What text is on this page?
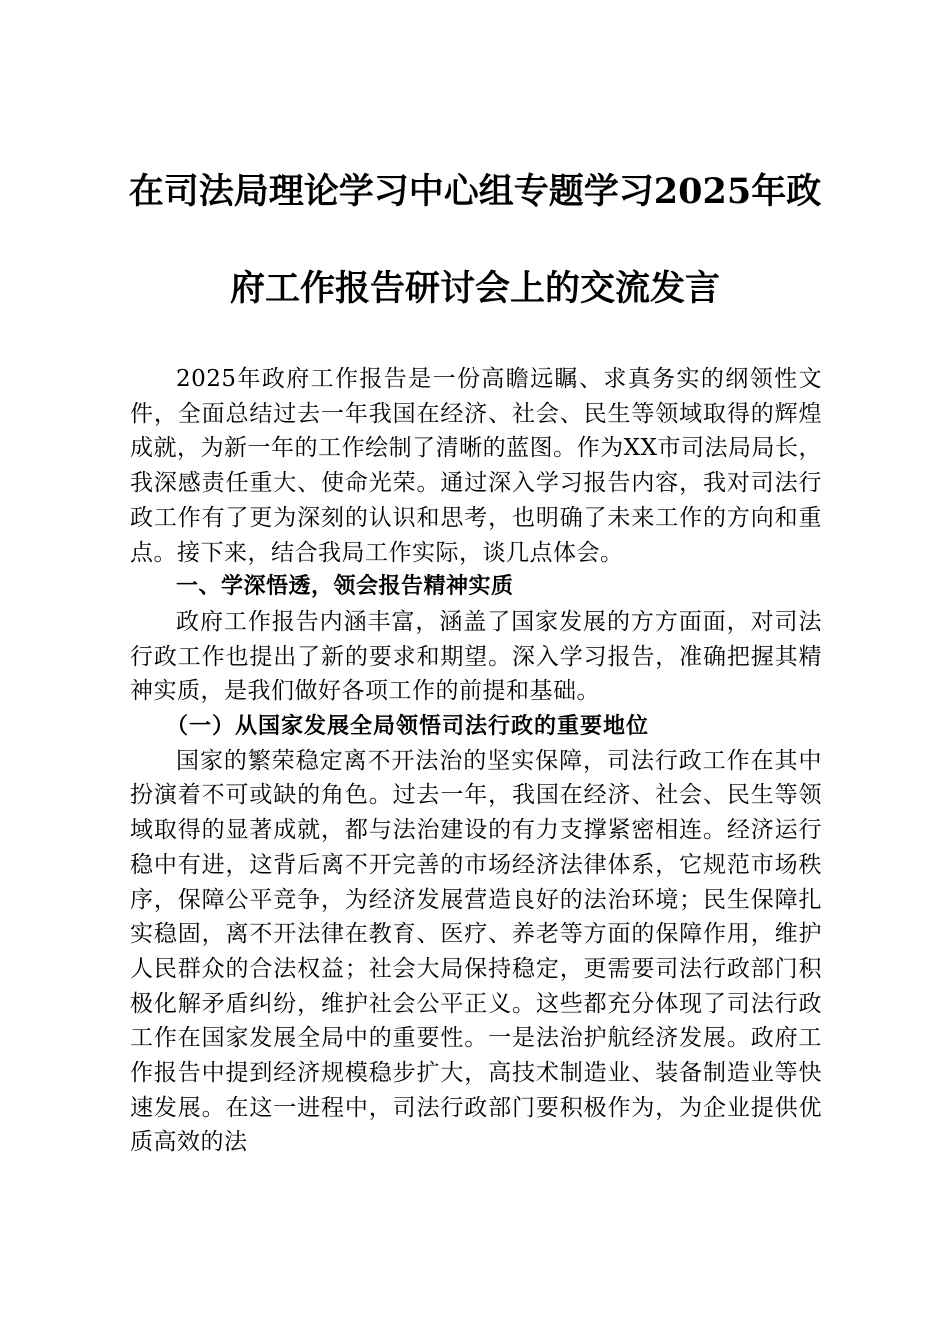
在司法局理论学习中心组专题学习2025年政
府工作报告研讨会上的交流发言

2025年政府工作报告是一份高瞻远瞩、求真务实的纲领性文件，全面总结过去一年我国在经济、社会、民生等领域取得的辉煌成就，为新一年的工作绘制了清晰的蓝图。作为XX市司法局局长，我深感责任重大、使命光荣。通过深入学习报告内容，我对司法行政工作有了更为深刻的认识和思考，也明确了未来工作的方向和重点。接下来，结合我局工作实际，谈几点体会。

一、学深悟透，领会报告精神实质

政府工作报告内涵丰富，涵盖了国家发展的方方面面，对司法行政工作也提出了新的要求和期望。深入学习报告，准确把握其精神实质，是我们做好各项工作的前提和基础。

（一）从国家发展全局领悟司法行政的重要地位

国家的繁荣稳定离不开法治的坚实保障，司法行政工作在其中扮演着不可或缺的角色。过去一年，我国在经济、社会、民生等领域取得的显著成就，都与法治建设的有力支撑紧密相连。经济运行稳中有进，这背后离不开完善的市场经济法律体系，它规范市场秩序，保障公平竞争，为经济发展营造良好的法治环境；民生保障扎实稳固，离不开法律在教育、医疗、养老等方面的保障作用，维护人民群众的合法权益；社会大局保持稳定，更需要司法行政部门积极化解矛盾纠纷，维护社会公平正义。这些都充分体现了司法行政工作在国家发展全局中的重要性。一是法治护航经济发展。政府工作报告中提到经济规模稳步扩大，高技术制造业、装备制造业等快速发展。在这一进程中，司法行政部门要积极作为，为企业提供优质高效的法
